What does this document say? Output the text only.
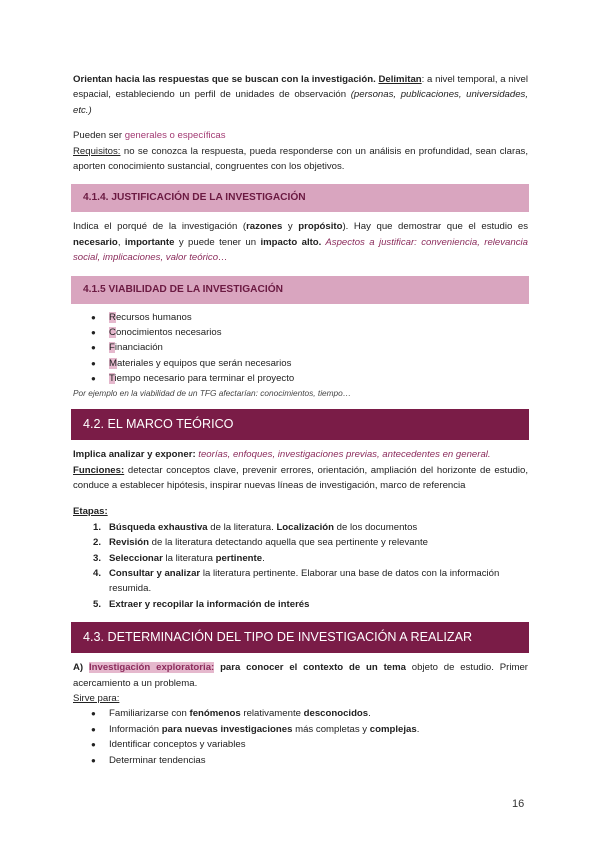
Orientan hacia las respuestas que se buscan con la investigación. Delimitan: a nivel temporal, a nivel espacial, estableciendo un perfil de unidades de observación (personas, publicaciones, universidades, etc.)

Pueden ser generales o específicas

Requisitos: no se conozca la respuesta, pueda responderse con un análisis en profundidad, sean claras, aporten conocimiento sustancial, congruentes con los objetivos.

4.1.4. JUSTIFICACIÓN DE LA INVESTIGACIÓN

Indica el porqué de la investigación (razones y propósito). Hay que demostrar que el estudio es necesario, importante y puede tener un impacto alto. Aspectos a justificar: conveniencia, relevancia social, implicaciones, valor teórico…

4.1.5 VIABILIDAD DE LA INVESTIGACIÓN
● Recursos humanos
● Conocimientos necesarios
● Financiación
● Materiales y equipos que serán necesarios
● Tiempo necesario para terminar el proyecto

Por ejemplo en la viabilidad de un TFG afectarían: conocimientos, tiempo…

4.2. EL MARCO TEÓRICO

Implica analizar y exponer: teorías, enfoques, investigaciones previas, antecedentes en general.

Funciones: detectar conceptos clave, prevenir errores, orientación, ampliación del horizonte de estudio, conduce a establecer hipótesis, inspirar nuevas líneas de investigación, marco de referencia

Etapas:

1. Búsqueda exhaustiva de la literatura. Localización de los documentos
2. Revisión de la literatura detectando aquella que sea pertinente y relevante
3. Seleccionar la literatura pertinente.
4. Consultar y analizar la literatura pertinente. Elaborar una base de datos con la información resumida.
5. Extraer y recopilar la información de interés
4.3. DETERMINACIÓN DEL TIPO DE INVESTIGACIÓN A REALIZAR

A) Investigación exploratoria: para conocer el contexto de un tema objeto de estudio. Primer acercamiento a un problema.

Sirve para:

● Familiarizarse con fenómenos relativamente desconocidos.
● Información para nuevas investigaciones más completas y complejas.
● Identificar conceptos y variables
● Determinar tendencias
16
